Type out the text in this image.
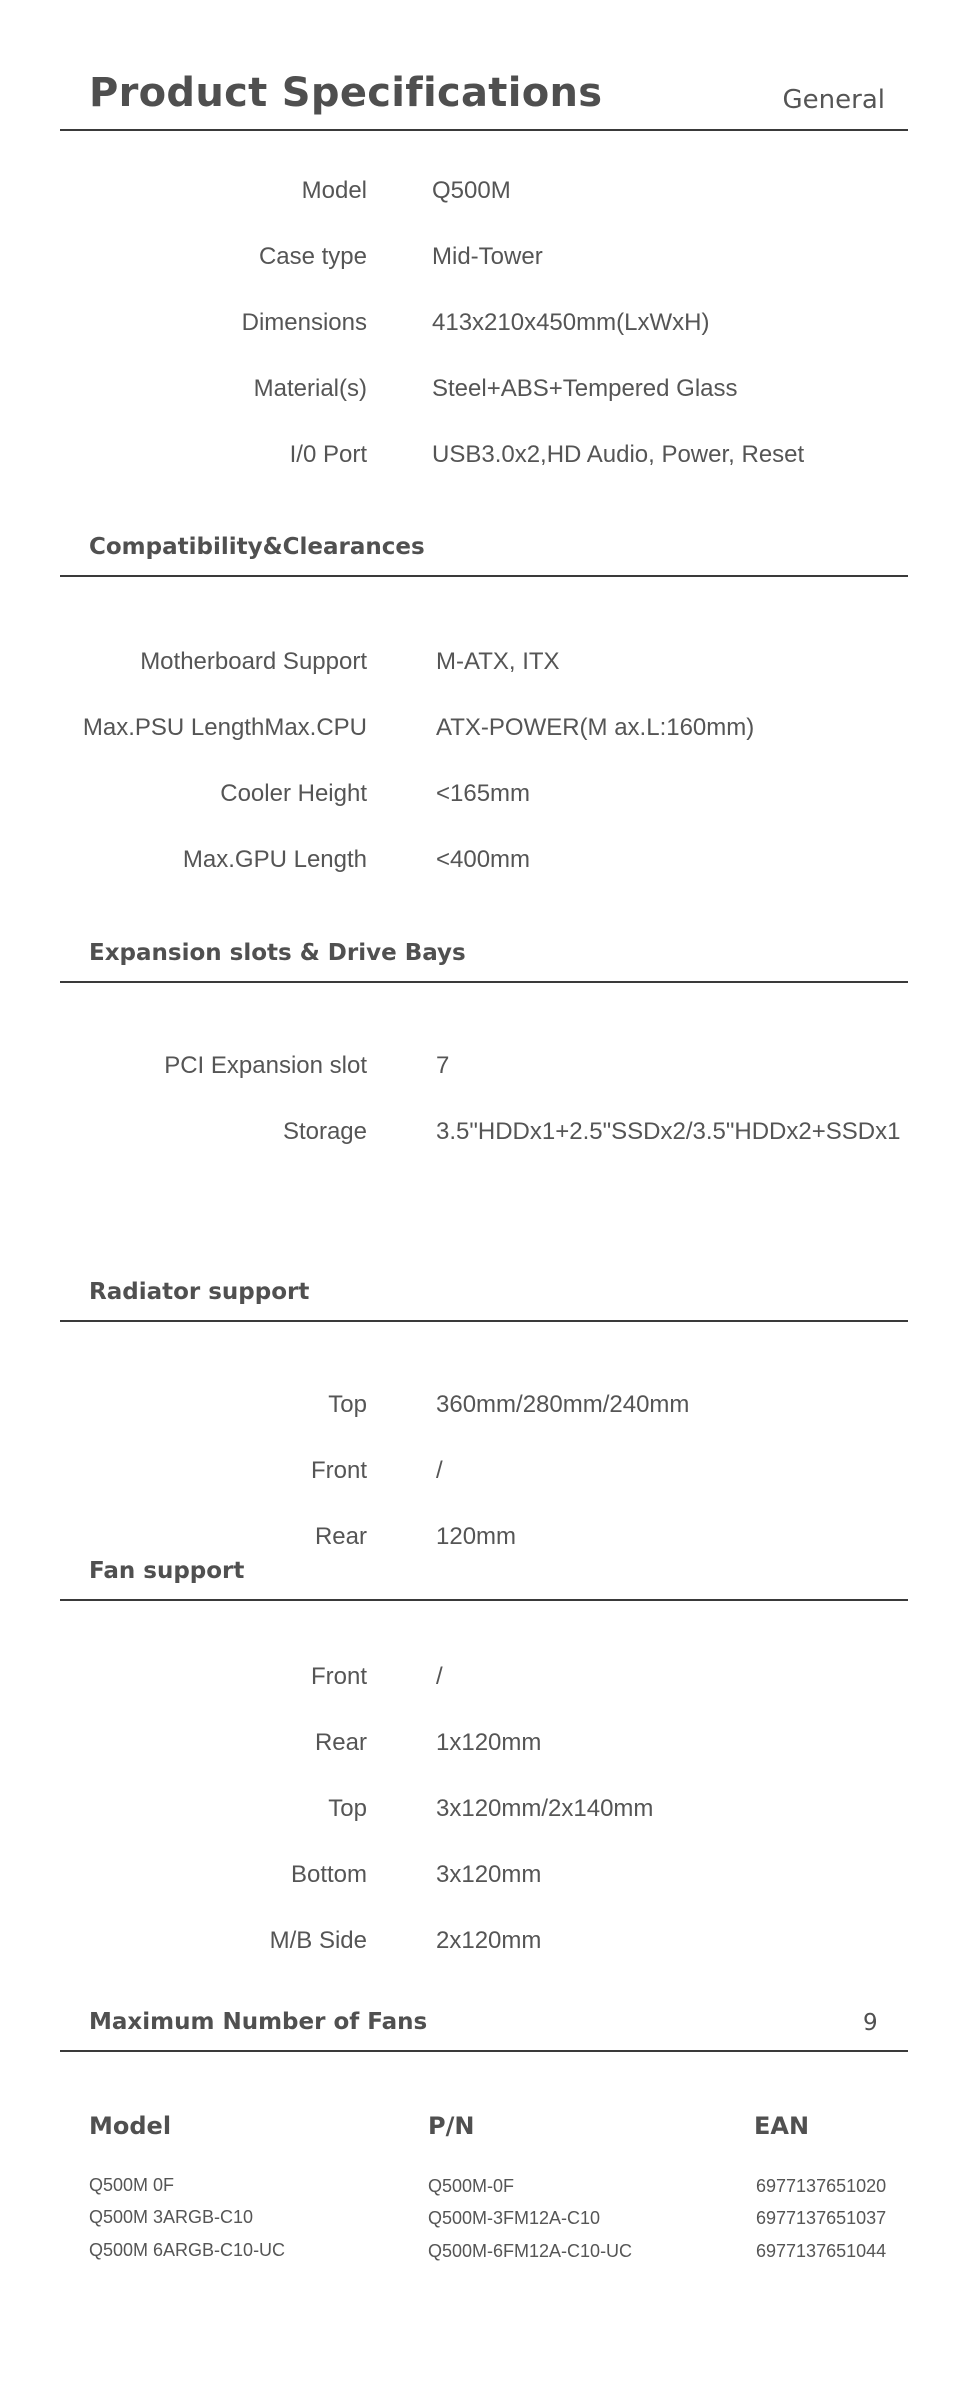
Product Specifications	General
Model	Q500M
Case type	Mid-Tower
Dimensions	413x210x450mm(LxWxH)
Material(s)	Steel+ABS+Tempered Glass
I/0 Port	USB3.0x2,HD Audio, Power, Reset
Compatibility&Clearances
Motherboard Support	M-ATX, ITX
Max.PSU LengthMax.CPU	ATX-POWER(M ax.L:160mm)
Cooler Height	<165mm
Max.GPU Length	<400mm
Expansion slots & Drive Bays
PCI Expansion slot	7
Storage	3.5"HDDx1+2.5"SSDx2/3.5"HDDx2+SSDx1
Radiator support
Top	360mm/280mm/240mm
Front	/
Rear	120mm
Fan support
Front	/
Rear	1x120mm
Top	3x120mm/2x140mm
Bottom	3x120mm
M/B Side	2x120mm
Maximum Number of Fans	9
Model	P/N	EAN
Q500M 0F	Q500M-0F	6977137651020
Q500M 3ARGB-C10	Q500M-3FM12A-C10	6977137651037
Q500M 6ARGB-C10-UC	Q500M-6FM12A-C10-UC	6977137651044
